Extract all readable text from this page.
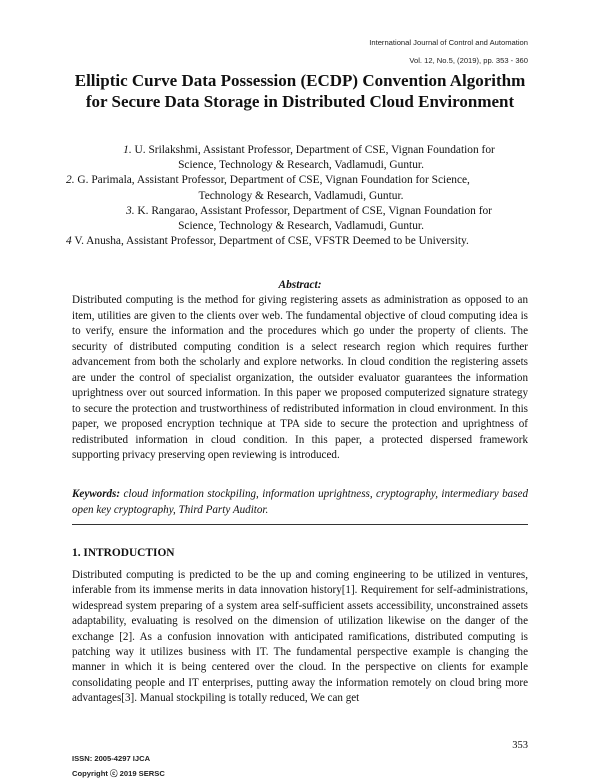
International Journal of Control and Automation
Vol. 12, No.5, (2019), pp. 353 - 360
Elliptic Curve Data Possession (ECDP) Convention Algorithm
for Secure Data Storage in Distributed Cloud Environment
1. U. Srilakshmi, Assistant Professor, Department of CSE, Vignan Foundation for
Science, Technology & Research, Vadlamudi, Guntur.
2. G. Parimala, Assistant Professor, Department of CSE, Vignan Foundation for Science,
Technology & Research, Vadlamudi, Guntur.
3. K. Rangarao, Assistant Professor, Department of CSE, Vignan Foundation for
Science, Technology & Research, Vadlamudi, Guntur.
4 V. Anusha, Assistant Professor, Department of CSE, VFSTR Deemed to be University.
Abstract:
Distributed computing is the method for giving registering assets as administration as opposed to an item, utilities are given to the clients over web. The fundamental objective of cloud computing idea is to verify, ensure the information and the procedures which go under the property of clients. The security of distributed computing condition is a select research region which requires further advancement from both the scholarly and explore networks. In cloud condition the registering assets are under the control of specialist organization, the outsider evaluator guarantees the information uprightness over out sourced information. In this paper we proposed computerized signature strategy to secure the protection and trustworthiness of redistributed information in cloud environment. In this paper, we proposed encryption technique at TPA side to secure the protection and uprightness of redistributed information in cloud condition. In this paper, a protected dispersed framework supporting privacy preserving open reviewing is introduced.
Keywords: cloud information stockpiling, information uprightness, cryptography, intermediary based open key cryptography, Third Party Auditor.
1. INTRODUCTION
Distributed computing is predicted to be the up and coming engineering to be utilized in ventures, inferable from its immense merits in data innovation history[1]. Requirement for self-administrations, widespread system preparing of a system area self-sufficient assets accessibility, unconstrained assets adaptability, evaluating is resolved on the dimension of utilization likewise on the danger of the exchange [2]. As a confusion innovation with anticipated ramifications, distributed computing is patching way it utilizes business with IT. The fundamental perspective example is changing the manner in which it is being centered over the cloud. In the perspective on clients for example consolidating people and IT enterprises, putting away the information remotely on cloud bring more advantages[3]. Manual stockpiling is totally reduced, We can get
353
ISSN: 2005-4297 IJCA
Copyright ⓒ 2019 SERSC
